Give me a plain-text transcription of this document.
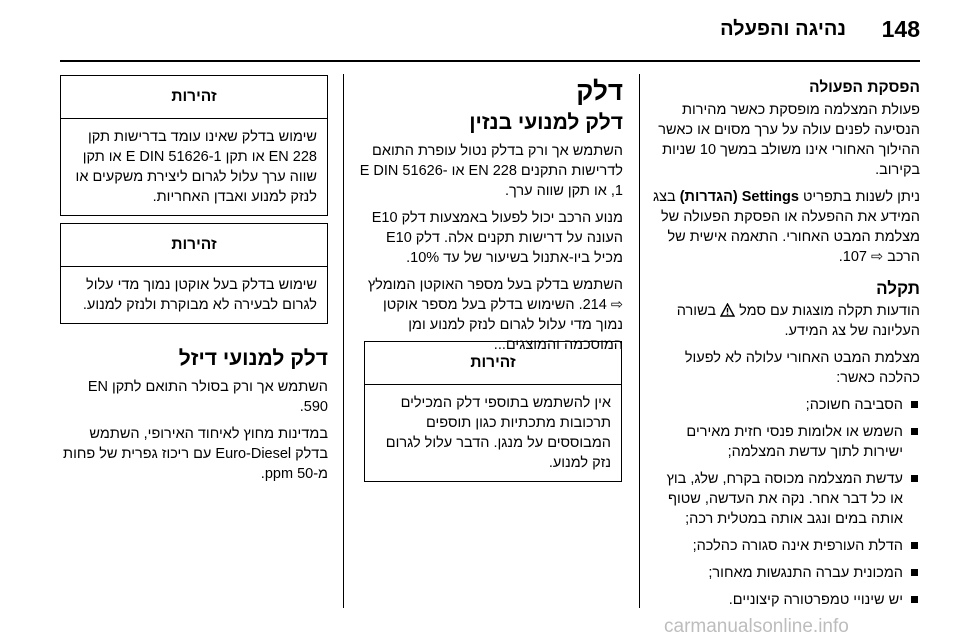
148
נהיגה והפעלה
הפסקת הפעולה

פעולת המצלמה מופסקת כאשר מהירות הנסיעה לפנים עולה על ערך מסוים או כאשר ההילוך האחורי אינו משולב במשך 10 שניות בקירוב.

ניתן לשנות בתפריט Settings (הגדרות) בצג המידע את ההפעלה או הפסקת הפעולה של מצלמת המבט האחורי. התאמה אישית של הרכב ⇨ 107.

תקלה

הודעות תקלה מוצגות עם סמל  בשורה העליונה של צג המידע.

מצלמת המבט האחורי עלולה לא לפעול כהלכה כאשר:

הסביבה חשוכה;
השמש או אלומות פנסי חזית מאירים ישירות לתוך עדשת המצלמה;
עדשת המצלמה מכוסה בקרח, שלג, בוץ או כל דבר אחר. נקה את העדשה, שטוף אותה במים ונגב אותה במטלית רכה;
הדלת העורפית אינה סגורה כהלכה;
המכונית עברה התנגשות מאחור;
יש שינויי טמפרטורה קיצוניים.
דלק
דלק למנועי בנזין

השתמש אך ורק בדלק נטול עופרת התואם לדרישות התקנים EN 228 או E DIN 51626-1, או תקן שווה ערך.

מנוע הרכב יכול לפעול באמצעות דלק E10 העונה על דרישות תקנים אלה. דלק E10 מכיל ביו-אתנול בשיעור של עד 10%.

השתמש בדלק בעל מספר האוקטן המומלץ ⇨ 214. השימוש בדלק בעל מספר אוקטן נמוך מדי עלול לגרום לנזק למנוע ומן המוסכמה והמוצגים...

זהירות
אין להשתמש בתוספי דלק המכילים תרכובות מתכתיות כגון תוספים המבוססים על מנגן. הדבר עלול לגרום נזק למנוע.
זהירות
שימוש בדלק שאינו עומד בדרישות תקן EN 228 או תקן E DIN 51626-1 או תקן שווה ערך עלול לגרום ליצירת משקעים או לנזק למנוע ואבדן האחריות.
זהירות
שימוש בדלק בעל אוקטן נמוך מדי עלול לגרום לבעירה לא מבוקרת ולנזק למנוע.
דלק למנועי דיזל

השתמש אך ורק בסולר התואם לתקן EN 590.

במדינות מחוץ לאיחוד האירופי, השתמש בדלק Euro-Diesel עם ריכוז גפרית של פחות מ-50 ppm.

carmanualsonline.info
